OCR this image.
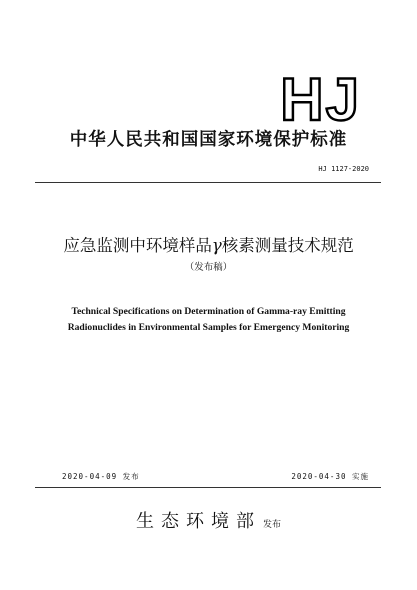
HJ
中华人民共和国国家环境保护标准
HJ 1127-2020
应急监测中环境样品γ核素测量技术规范
（发布稿）
Technical Specifications on Determination of Gamma-ray Emitting
Radionuclides in Environmental Samples for Emergency Monitoring
2020-04-09 发布	2020-04-30 实施
生态环境部 发布
